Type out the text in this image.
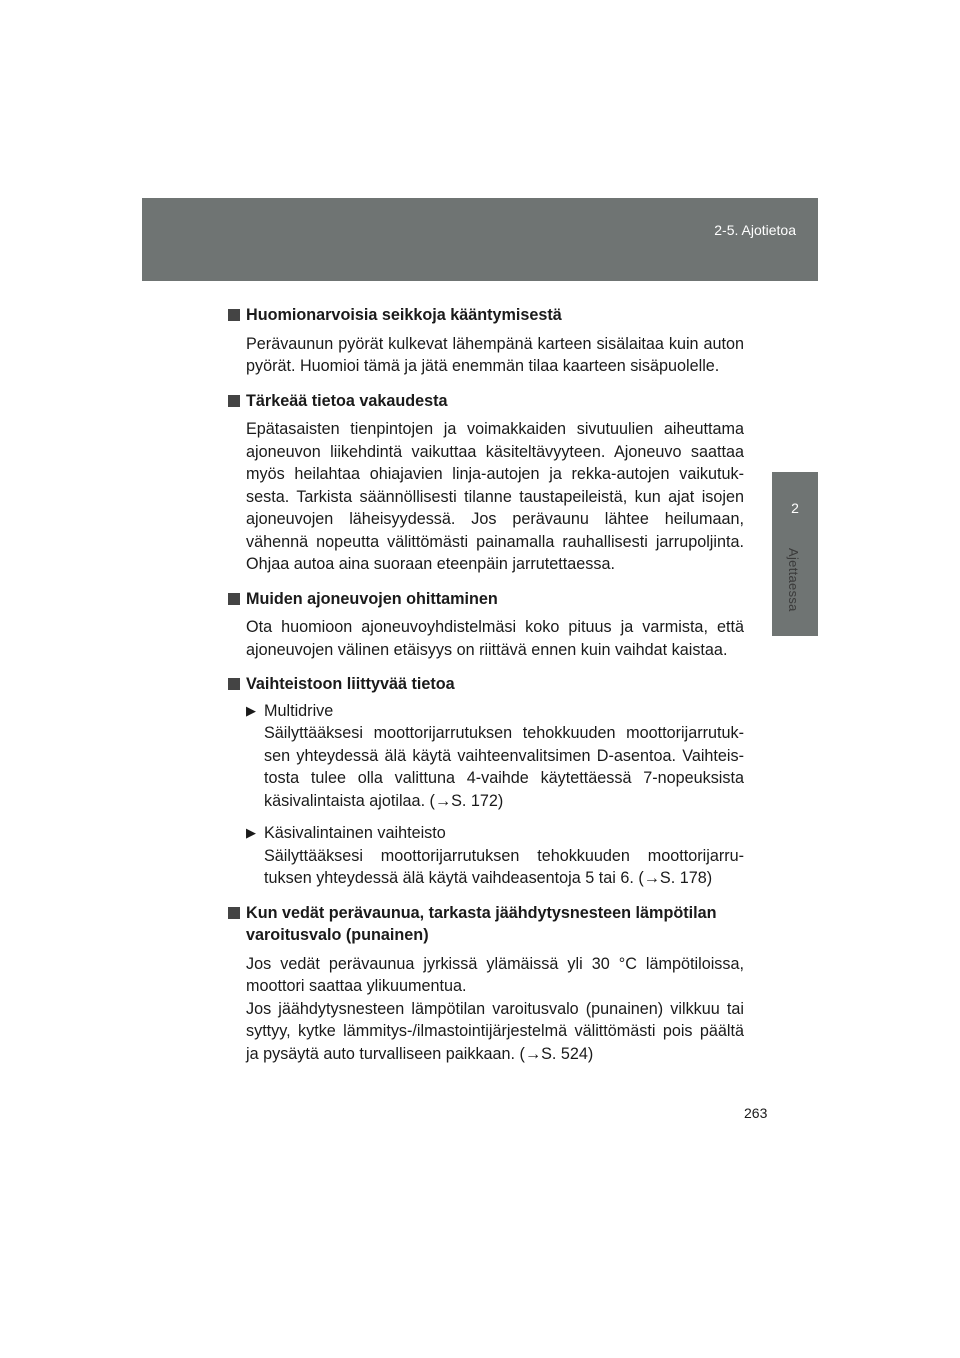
2-5. Ajotietoa
2
Ajettaessa
Huomionarvoisia seikkoja kääntymisestä
Perävaunun pyörät kulkevat lähempänä karteen sisälaitaa kuin auton pyörät. Huomioi tämä ja jätä enemmän tilaa kaarteen sisäpuolelle.
Tärkeää tietoa vakaudesta
Epätasaisten tienpintojen ja voimakkaiden sivutuulien aiheuttama ajoneuvon liikehdintä vaikuttaa käsiteltävyyteen. Ajoneuvo saattaa myös heilahtaa ohiajavien linja-autojen ja rekka-autojen vaikutuksesta. Tarkista säännöllisesti tilanne taustapeileistä, kun ajat isojen ajoneuvojen läheisyydessä. Jos perävaunu lähtee heilumaan, vähennä nopeutta välittömästi painamalla rauhallisesti jarrupoljinta. Ohjaa autoa aina suoraan eteenpäin jarrutettaessa.
Muiden ajoneuvojen ohittaminen
Ota huomioon ajoneuvoyhdistelmäsi koko pituus ja varmista, että ajoneuvojen välinen etäisyys on riittävä ennen kuin vaihdat kaistaa.
Vaihteistoon liittyvää tietoa
▶ Multidrive
Säilyttääksesi moottorijarrutuksen tehokkuuden moottorijarrutuksen yhteydessä älä käytä vaihteenvalitsimen D-asentoa. Vaihteistosta tulee olla valittuna 4-vaihde käytettäessä 7-nopeuksista käsivalintaista ajotilaa. (→S. 172)
▶ Käsivalintainen vaihteisto
Säilyttääksesi moottorijarrutuksen tehokkuuden moottorijarrutuksen yhteydessä älä käytä vaihdeasentoja 5 tai 6. (→S. 178)
Kun vedät perävaunua, tarkasta jäähdytysnesteen lämpötilan varoitusvalo (punainen)
Jos vedät perävaunua jyrkissä ylämäissä yli 30 °C lämpötiloissa, moottori saattaa ylikuumentua.
Jos jäähdytysnesteen lämpötilan varoitusvalo (punainen) vilkkuu tai syttyy, kytke lämmitys-/ilmastointijärjestelmä välittömästi pois päältä ja pysäytä auto turvalliseen paikkaan. (→S. 524)
263
